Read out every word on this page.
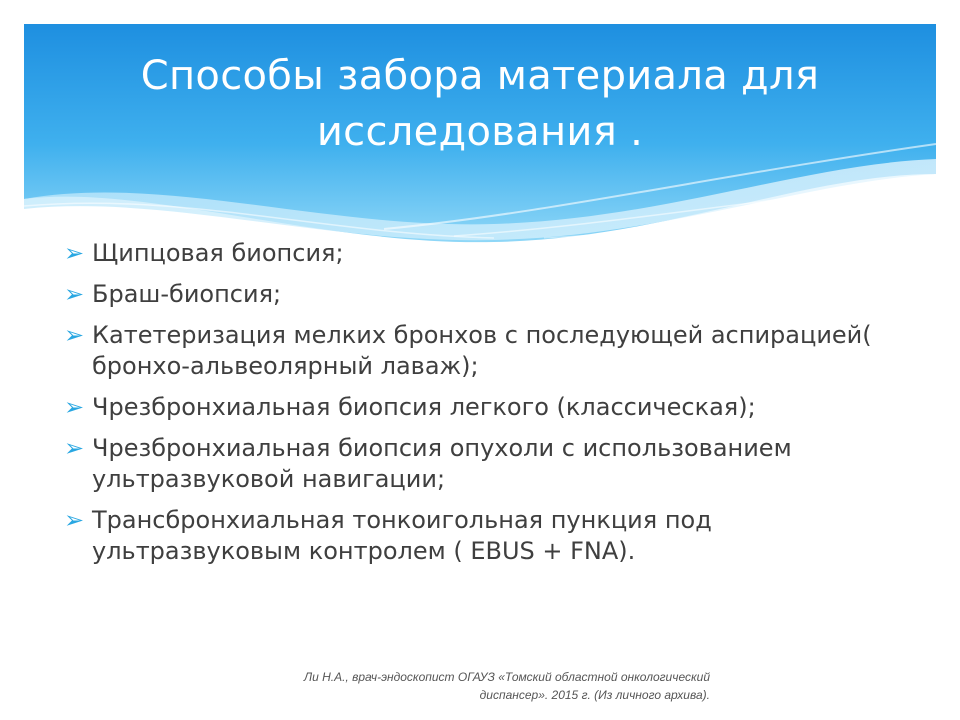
Способы забора материала для исследования .
➢ Щипцовая биопсия;
➢ Браш-биопсия;
➢ Катетеризация мелких бронхов с последующей аспирацией( бронхо-альвеолярный лаваж);
➢ Чрезбронхиальная биопсия легкого (классическая);
➢ Чрезбронхиальная биопсия опухоли с использованием ультразвуковой навигации;
➢ Трансбронхиальная тонкоигольная пункция под ультразвуковым контролем ( EBUS + FNA).
Ли Н.А., врач-эндоскопист ОГАУЗ «Томский областной онкологический
диспансер». 2015 г. (Из личного архива).
